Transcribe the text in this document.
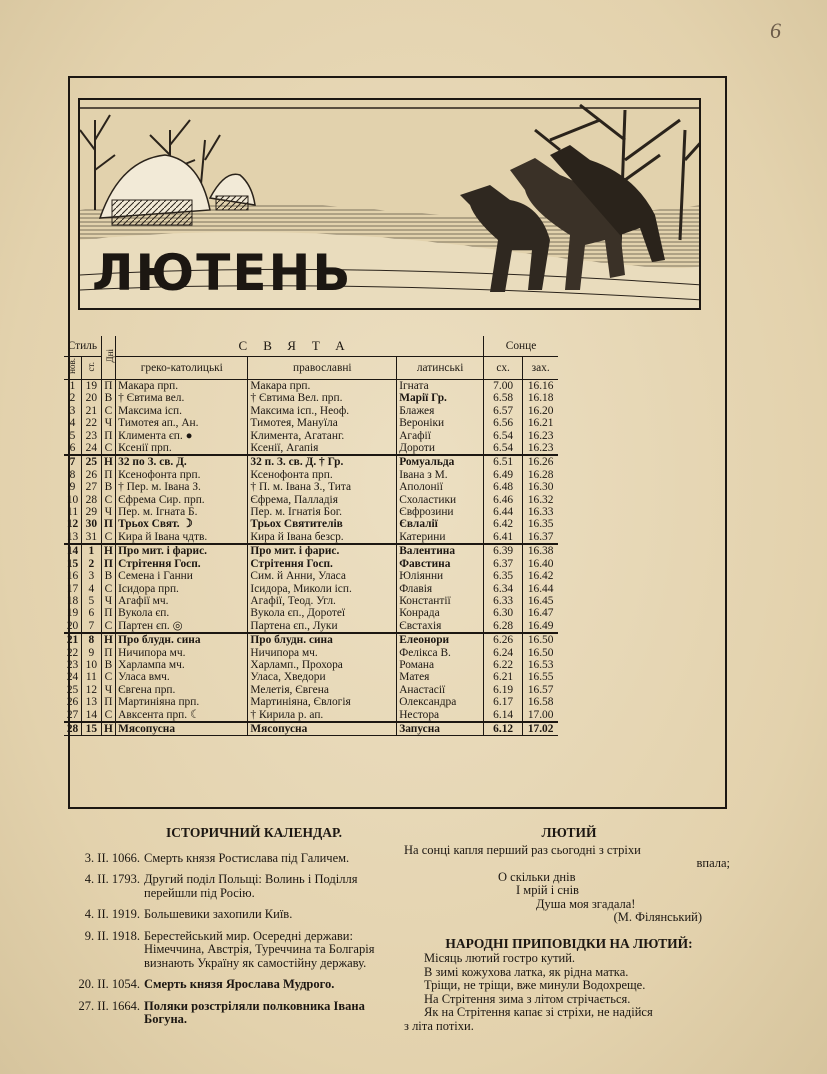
6
ЛЮТЕНЬ
Стиль		Дні	СВЯТА			Сонце	
нов.	ст.		греко-католицькі	православні	латинські	сх.	зах.
1	19	П	Макара прп.	Макара прп.	Ігната	7.00	16.16
2	20	В	† Євтима вел.	† Євтима Вел. прп.	Марії Гр.	6.58	16.18
3	21	С	Максима ісп.	Максима ісп., Неоф.	Блажея	6.57	16.20
4	22	Ч	Тимотея ап., Ан.	Тимотея, Мануїла	Вероніки	6.56	16.21
5	23	П	Климента єп. ●	Климента, Агатанг.	Агафії	6.54	16.23
6	24	С	Ксенії прп.	Ксенії, Агапія	Дороти	6.54	16.23
7	25	Н	32 по З. св. Д.	32 п. З. св. Д. † Гр.	Ромуальда	6.51	16.26
8	26	П	Ксенофонта прп.	Ксенофонта прп.	Івана з М.	6.49	16.28
9	27	В	† Пер. м. Івана З.	† П. м. Івана З., Тита	Аполонії	6.48	16.30
10	28	С	Єфрема Сир. прп.	Єфрема, Палладія	Схоластики	6.46	16.32
11	29	Ч	Пер. м. Ігната Б.	Пер. м. Ігнатія Бог.	Євфрозини	6.44	16.33
12	30	П	Трьох Свят. ☽	Трьох Святителів	Євлалії	6.42	16.35
13	31	С	Кира й Івана чдтв.	Кира й Івана безср.	Катерини	6.41	16.37
14	1	Н	Про мит. і фарис.	Про мит. і фарис.	Валентина	6.39	16.38
15	2	П	Стрітення Госп.	Стрітення Госп.	Фавстина	6.37	16.40
16	3	В	Семена і Ганни	Сим. й Анни, Уласа	Юліянни	6.35	16.42
17	4	С	Ісидора прп.	Ісидора, Миколи ісп.	Флавія	6.34	16.44
18	5	Ч	Агафії мч.	Агафії, Теод. Угл.	Константії	6.33	16.45
19	6	П	Вукола єп.	Вукола єп., Доротеї	Конрада	6.30	16.47
20	7	С	Партен єп. ◎	Партена єп., Луки	Євстахія	6.28	16.49
21	8	Н	Про блудн. сина	Про блудн. сина	Елеонори	6.26	16.50
22	9	П	Ничипора мч.	Ничипора мч.	Фелікса В.	6.24	16.50
23	10	В	Харлампа мч.	Харламп., Прохора	Романа	6.22	16.53
24	11	С	Уласа вмч.	Уласа, Хведори	Матея	6.21	16.55
25	12	Ч	Євгена прп.	Мелетія, Євгена	Анастасії	6.19	16.57
26	13	П	Мартиніяна прп.	Мартиніяна, Євлогія	Олександра	6.17	16.58
27	14	С	Авксента прп. ☾	† Кирила р. ап.	Нестора	6.14	17.00
28	15	Н	Мясопусна	Мясопусна	Запусна	6.12	17.02
ІСТОРИЧНИЙ КАЛЕНДАР.
3. II. 1066. Смерть князя Ростислава під Галичем.
4. II. 1793. Другий поділ Польщі: Волинь і Поділля перейшли під Росію.
4. II. 1919. Большевики захопили Київ.
9. II. 1918. Берестейський мир. Осередні держави: Німеччина, Австрія, Туреччина та Болгарія визнають Україну як самостійну державу.
20. II. 1054. Смерть князя Ярослава Мудрого.
27. II. 1664. Поляки розстріляли полковника Івана Богуна.
ЛЮТИЙ
На сонці капля перший раз сьогодні з стріхи
впала;
О скільки днів
І мрій і снів
Душа моя згадала!
(М. Філянський)
НАРОДНІ ПРИПОВІДКИ НА ЛЮТИЙ:
Місяць лютий гостро кутий.
В зимі кожухова латка, як рідна матка.
Тріщи, не тріщи, вже минули Водохреще.
На Стрітення зима з літом стрічається.
Як на Стрітення капає зі стріхи, не надійся
з літа потіхи.
